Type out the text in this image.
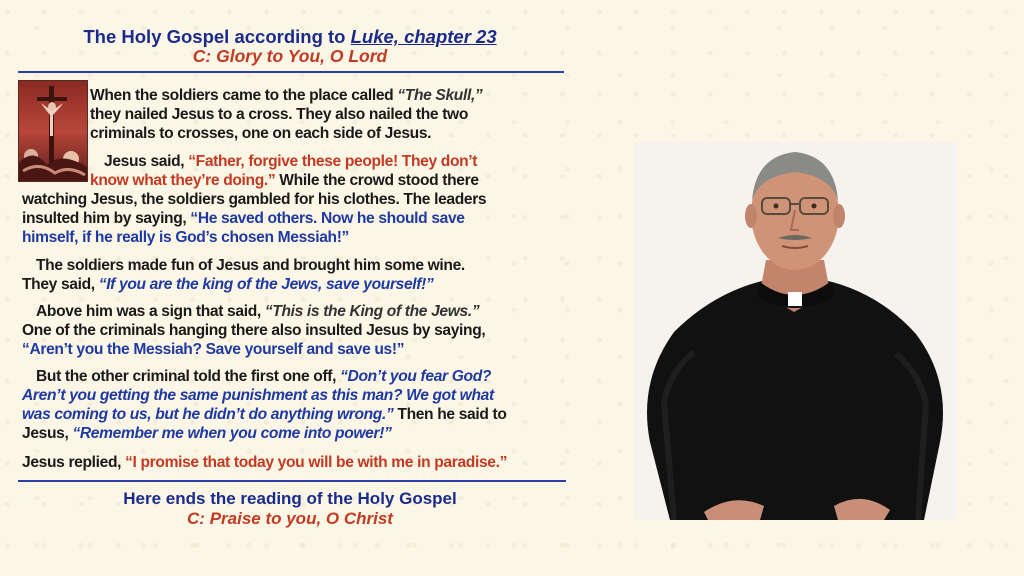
The Holy Gospel according to Luke, chapter 23
C: Glory to You, O Lord
When the soldiers came to the place called “The Skull,”
they nailed Jesus to a cross. They also nailed the two
criminals to crosses, one on each side of Jesus.
Jesus said, “Father, forgive these people! They don’t
know what they’re doing.” While the crowd stood there
watching Jesus, the soldiers gambled for his clothes. The leaders
insulted him by saying, “He saved others. Now he should save
himself, if he really is God’s chosen Messiah!”
The soldiers made fun of Jesus and brought him some wine.
They said, “If you are the king of the Jews, save yourself!”
Above him was a sign that said, “This is the King of the Jews.”
One of the criminals hanging there also insulted Jesus by saying,
“Aren’t you the Messiah? Save yourself and save us!”
But the other criminal told the first one off, “Don’t you fear God?
Aren’t you getting the same punishment as this man? We got what
was coming to us, but he didn’t do anything wrong.” Then he said to
Jesus, “Remember me when you come into power!”
Jesus replied, “I promise that today you will be with me in paradise.”
Here ends the reading of the Holy Gospel
C: Praise to you, O Christ
